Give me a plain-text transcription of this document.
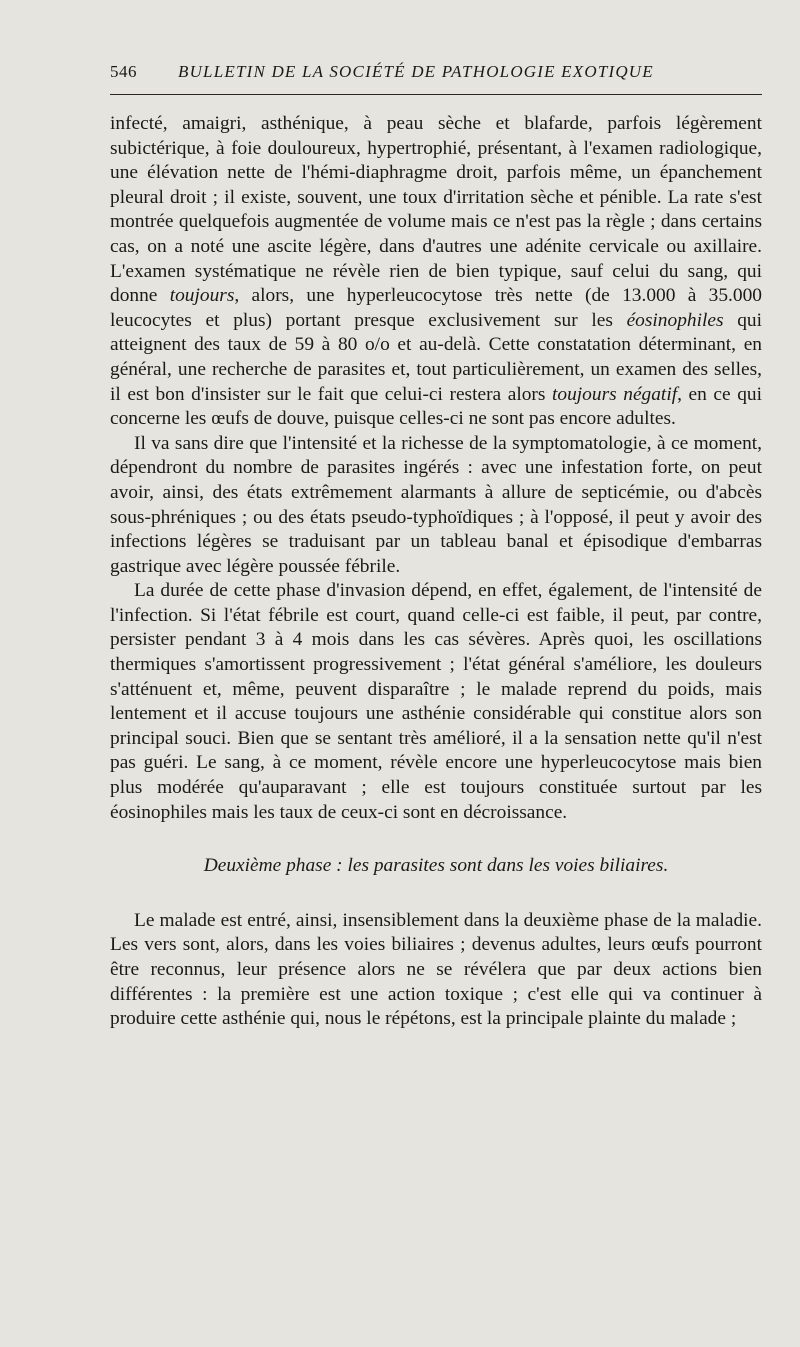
546 BULLETIN DE LA SOCIÉTÉ DE PATHOLOGIE EXOTIQUE

infecté, amaigri, asthénique, à peau sèche et blafarde, parfois légèrement subictérique, à foie douloureux, hypertrophié, présentant, à l'examen radiologique, une élévation nette de l'hémi-diaphragme droit, parfois même, un épanchement pleural droit ; il existe, souvent, une toux d'irritation sèche et pénible. La rate s'est montrée quelquefois augmentée de volume mais ce n'est pas la règle ; dans certains cas, on a noté une ascite légère, dans d'autres une adénite cervicale ou axillaire. L'examen systématique ne révèle rien de bien typique, sauf celui du sang, qui donne toujours, alors, une hyperleucocytose très nette (de 13.000 à 35.000 leucocytes et plus) portant presque exclusivement sur les éosinophiles qui atteignent des taux de 59 à 80 o/o et au-delà. Cette constatation déterminant, en général, une recherche de parasites et, tout particulièrement, un examen des selles, il est bon d'insister sur le fait que celui-ci restera alors toujours négatif, en ce qui concerne les œufs de douve, puisque celles-ci ne sont pas encore adultes.

Il va sans dire que l'intensité et la richesse de la symptomatologie, à ce moment, dépendront du nombre de parasites ingérés : avec une infestation forte, on peut avoir, ainsi, des états extrêmement alarmants à allure de septicémie, ou d'abcès sous-phréniques ; ou des états pseudo-typhoïdiques ; à l'opposé, il peut y avoir des infections légères se traduisant par un tableau banal et épisodique d'embarras gastrique avec légère poussée fébrile.

La durée de cette phase d'invasion dépend, en effet, également, de l'intensité de l'infection. Si l'état fébrile est court, quand celle-ci est faible, il peut, par contre, persister pendant 3 à 4 mois dans les cas sévères. Après quoi, les oscillations thermiques s'amortissent progressivement ; l'état général s'améliore, les douleurs s'atténuent et, même, peuvent disparaître ; le malade reprend du poids, mais lentement et il accuse toujours une asthénie considérable qui constitue alors son principal souci. Bien que se sentant très amélioré, il a la sensation nette qu'il n'est pas guéri. Le sang, à ce moment, révèle encore une hyperleucocytose mais bien plus modérée qu'auparavant ; elle est toujours constituée surtout par les éosinophiles mais les taux de ceux-ci sont en décroissance.

Deuxième phase : les parasites sont dans les voies biliaires.

Le malade est entré, ainsi, insensiblement dans la deuxième phase de la maladie. Les vers sont, alors, dans les voies biliaires ; devenus adultes, leurs œufs pourront être reconnus, leur présence alors ne se révélera que par deux actions bien différentes : la première est une action toxique ; c'est elle qui va continuer à produire cette asthénie qui, nous le répétons, est la principale plainte du malade ;
